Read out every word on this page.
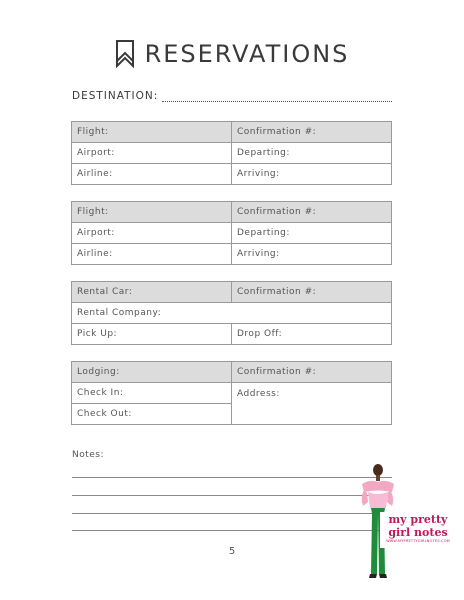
RESERVATIONS
DESTINATION:
Flight:	Confirmation #:
Airport:	Departing:
Airline:	Arriving:
Flight:	Confirmation #:
Airport:	Departing:
Airline:	Arriving:
Rental Car:	Confirmation #:
Rental Company:	
Pick Up:	Drop Off:
Lodging:	Confirmation #:
Check In:	Address:
Check Out:	
Notes:
5
my pretty
girl notes
WWW.MYPRETTYGIRLNOTES.COM
